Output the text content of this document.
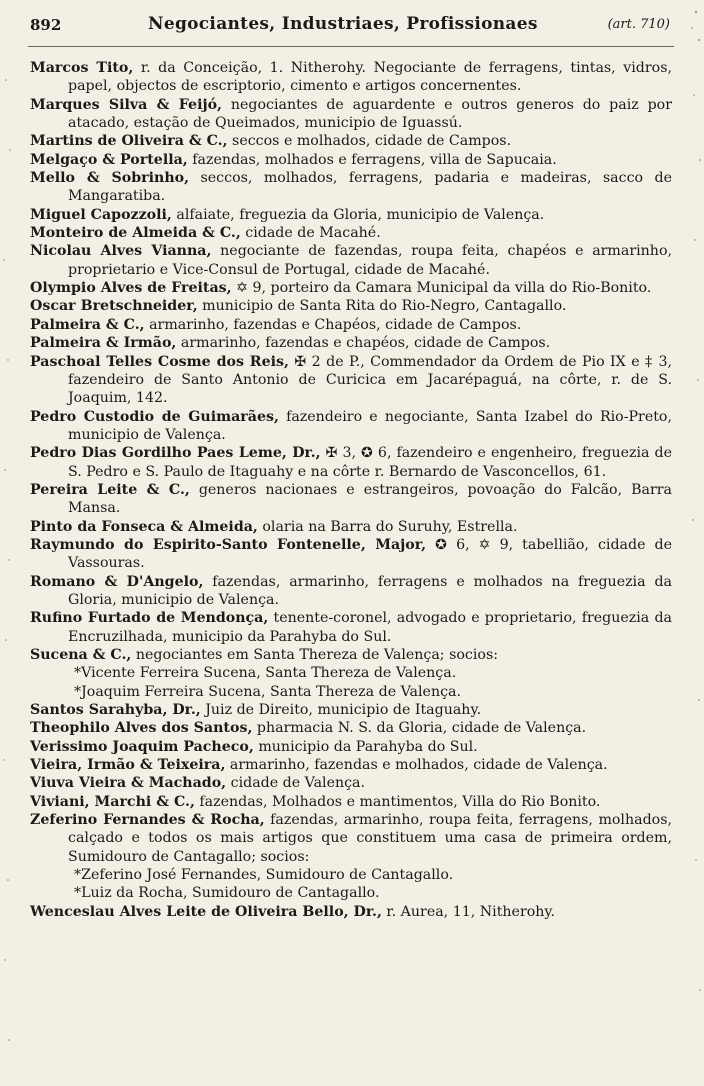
892	Negociantes, Industriaes, Profissionaes	(art. 710)

Marcos Tito, r. da Conceição, 1. Nitherohy. Negociante de ferragens, tintas, vidros, papel, objectos de escriptorio, cimento e artigos concernentes.

Marques Silva & Feijó, negociantes de aguardente e outros generos do paiz por atacado, estação de Queimados, municipio de Iguassú.

Martins de Oliveira & C., seccos e molhados, cidade de Campos.

Melgaço & Portella, fazendas, molhados e ferragens, villa de Sapucaia.

Mello & Sobrinho, seccos, molhados, ferragens, padaria e madeiras, sacco de Mangaratiba.

Miguel Capozzoli, alfaiate, freguezia da Gloria, municipio de Valença.

Monteiro de Almeida & C., cidade de Macahé.

Nicolau Alves Vianna, negociante de fazendas, roupa feita, chapéos e armarinho, proprietario e Vice-Consul de Portugal, cidade de Macahé.

Olympio Alves de Freitas, ✡ 9, porteiro da Camara Municipal da villa do Rio-Bonito.

Oscar Bretschneider, municipio de Santa Rita do Rio-Negro, Cantagallo.

Palmeira & C., armarinho, fazendas e Chapéos, cidade de Campos.

Palmeira & Irmão, armarinho, fazendas e chapéos, cidade de Campos.

Paschoal Telles Cosme dos Reis, ✠ 2 de P., Commendador da Ordem de Pio IX e ‡ 3, fazendeiro de Santo Antonio de Curicica em Jacarépaguá, na côrte, r. de S. Joaquim, 142.

Pedro Custodio de Guimarães, fazendeiro e negociante, Santa Izabel do Rio-Preto, municipio de Valença.

Pedro Dias Gordilho Paes Leme, Dr., ✠ 3, ✪ 6, fazendeiro e engenheiro, freguezia de S. Pedro e S. Paulo de Itaguahy e na côrte r. Bernardo de Vasconcellos, 61.

Pereira Leite & C., generos nacionaes e estrangeiros, povoação do Falcão, Barra Mansa.

Pinto da Fonseca & Almeida, olaria na Barra do Suruhy, Estrella.

Raymundo do Espirito-Santo Fontenelle, Major, ✪ 6, ✡ 9, tabellião, cidade de Vassouras.

Romano & D'Angelo, fazendas, armarinho, ferragens e molhados na freguezia da Gloria, municipio de Valença.

Rufino Furtado de Mendonça, tenente-coronel, advogado e proprietario, freguezia da Encruzilhada, municipio da Parahyba do Sul.

Sucena & C., negociantes em Santa Thereza de Valença; socios:

*Vicente Ferreira Sucena, Santa Thereza de Valença.

*Joaquim Ferreira Sucena, Santa Thereza de Valença.

Santos Sarahyba, Dr., Juiz de Direito, municipio de Itaguahy.

Theophilo Alves dos Santos, pharmacia N. S. da Gloria, cidade de Valença.

Verissimo Joaquim Pacheco, municipio da Parahyba do Sul.

Vieira, Irmão & Teixeira, armarinho, fazendas e molhados, cidade de Valença.

Viuva Vieira & Machado, cidade de Valença.

Viviani, Marchi & C., fazendas, Molhados e mantimentos, Villa do Rio Bonito.

Zeferino Fernandes & Rocha, fazendas, armarinho, roupa feita, ferragens, molhados, calçado e todos os mais artigos que constituem uma casa de primeira ordem, Sumidouro de Cantagallo; socios:

*Zeferino José Fernandes, Sumidouro de Cantagallo.

*Luiz da Rocha, Sumidouro de Cantagallo.

Wenceslau Alves Leite de Oliveira Bello, Dr., r. Aurea, 11, Nitherohy.
